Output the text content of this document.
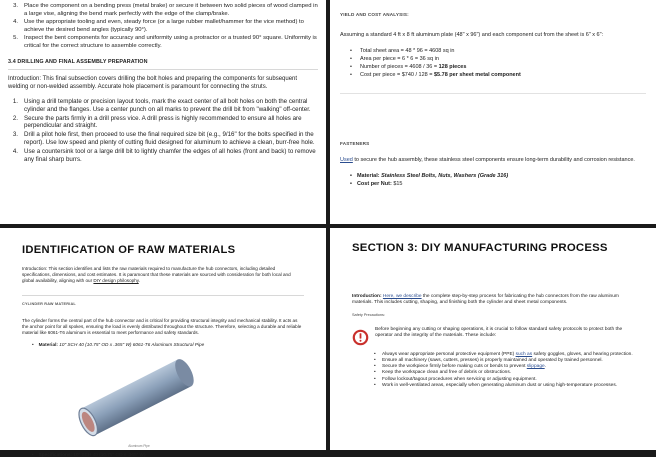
3. Place the component on a bending press (metal brake) or secure it between two solid pieces of wood clamped in a large vise, aligning the bend mark perfectly with the edge of the clamp/brake.
4. Use the appropriate tooling and even, steady force (or a large rubber mallet/hammer for the vice method) to achieve the desired bend angles (typically 90°).
5. Inspect the bent components for accuracy and uniformity using a protractor or a trusted 90° square. Uniformity is critical for the correct structure to assemble correctly.
3.4 DRILLING AND FINAL ASSEMBLY PREPARATION

Introduction: This final subsection covers drilling the bolt holes and preparing the components for subsequent welding or non-welded assembly. Accurate hole placement is paramount for connecting the struts.

1. Using a drill template or precision layout tools, mark the exact center of all bolt holes on both the central cylinder and the flanges. Use a center punch on all marks to prevent the drill bit from "walking" off-center.
2. Secure the parts firmly in a drill press vice. A drill press is highly recommended to ensure all holes are perpendicular and straight.
3. Drill a pilot hole first, then proceed to use the final required size bit (e.g., 9/16" for the bolts specified in the report). Use low speed and plenty of cutting fluid designed for aluminum to achieve a clean, burr-free hole.
4. Use a countersink tool or a large drill bit to lightly chamfer the edges of all holes (front and back) to remove any final sharp burrs.
YIELD AND COST ANALYSIS:

Assuming a standard 4 ft x 8 ft aluminum plate (48" x 96") and each component cut from the sheet is 6" x 6":

•	Total sheet area = 48 * 96 = 4608 sq in
•	Area per piece = 6 * 6 = 36 sq in
•	Number of pieces = 4608 / 36 = 128 pieces
•	Cost per piece = $740 / 128 = $5.78 per sheet metal component
FASTENERS

Used to secure the hub assembly, these stainless steel components ensure long-term durability and corrosion resistance.

• Material: Stainless Steel Bolts, Nuts, Washers (Grade 316)
• Cost per Nut: $15
IDENTIFICATION OF RAW MATERIALS

Introduction: This section identifies and lists the raw materials required to manufacture the hub connectors, including detailed specifications, dimensions, and cost estimates. It is paramount that these materials are sourced with consideration for both local and global availability, aligning with our DIY design philosophy.

CYLINDER RAW MATERIAL

The cylinder forms the central part of the hub connector and is critical for providing structural integrity and mechanical stability. It acts as the anchor point for all spokes, ensuring the load is evenly distributed throughout the structure. Therefore, selecting a durable and reliable material like 6061-T6 aluminum is essential to meet performance and safety standards.

• Material: 10" SCH 40 (10.75" OD x .365" W) 6061-T6 Aluminum Structural Pipe
Aluminum Pipe
• Specifications: 10" SCH 40 (10.75" OD x .365" W)
SECTION 3: DIY MANUFACTURING PROCESS

Introduction: Here, we describe the complete step-by-step process for fabricating the hub connectors from the raw aluminum materials. This includes cutting, shaping, and finishing both the cylinder and sheet metal components.

Safety Precautions:

Before beginning any cutting or shaping operations, it is crucial to follow standard safety protocols to protect both the operator and the integrity of the materials. These include:

•	Always wear appropriate personal protective equipment (PPE) such as safety goggles, gloves, and hearing protection.
•	Ensure all machinery (saws, cutters, presses) is properly maintained and operated by trained personnel.
•	Secure the workpiece firmly before making cuts or bends to prevent slippage.
•	Keep the workspace clean and free of debris or obstructions.
•	Follow lockout/tagout procedures when servicing or adjusting equipment.
•	Work in well-ventilated areas, especially when generating aluminum dust or using high-temperature processes.
